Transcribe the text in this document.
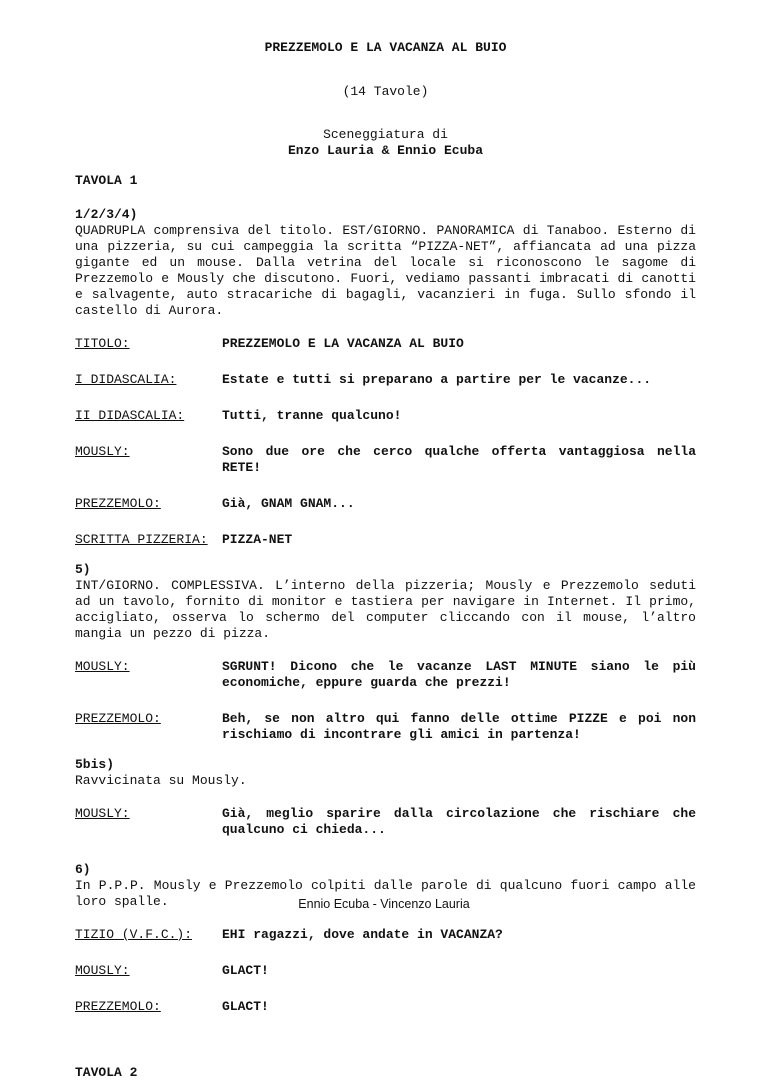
PREZZEMOLO E LA VACANZA AL BUIO
(14 Tavole)
Sceneggiatura di
Enzo Lauria & Ennio Ecuba
TAVOLA 1
1/2/3/4)
QUADRUPLA comprensiva del titolo. EST/GIORNO. PANORAMICA di Tanaboo. Esterno di una pizzeria, su cui campeggia la scritta “PIZZA-NET”, affiancata ad una pizza gigante ed un mouse. Dalla vetrina del locale si riconoscono le sagome di Prezzemolo e Mously che discutono. Fuori, vediamo passanti imbracati di canotti e salvagente, auto stracariche di bagagli, vacanzieri in fuga. Sullo sfondo il castello di Aurora.
TITOLO:	PREZZEMOLO E LA VACANZA AL BUIO
I DIDASCALIA:	Estate e tutti si preparano a partire per le vacanze...
II DIDASCALIA:	Tutti, tranne qualcuno!
MOUSLY:	Sono due ore che cerco qualche offerta vantaggiosa nella RETE!
PREZZEMOLO:	Già, GNAM GNAM...
SCRITTA PIZZERIA:	PIZZA-NET
5)
INT/GIORNO. COMPLESSIVA. L’interno della pizzeria; Mously e Prezzemolo seduti ad un tavolo, fornito di monitor e tastiera per navigare in Internet. Il primo, accigliato, osserva lo schermo del computer cliccando con il mouse, l’altro mangia un pezzo di pizza.
MOUSLY:	SGRUNT! Dicono che le vacanze LAST MINUTE siano le più economiche, eppure guarda che prezzi!
PREZZEMOLO:	Beh, se non altro qui fanno delle ottime PIZZE e poi non rischiamo di incontrare gli amici in partenza!
5bis)
Ravvicinata su Mously.
MOUSLY:	Già, meglio sparire dalla circolazione che rischiare che qualcuno ci chieda...
6)
In P.P.P. Mously e Prezzemolo colpiti dalle parole di qualcuno fuori campo alle loro spalle.
TIZIO (V.F.C.):	EHI ragazzi, dove andate in VACANZA?
MOUSLY:	GLACT!
PREZZEMOLO:	GLACT!
TAVOLA 2
Ennio Ecuba - Vincenzo Lauria
